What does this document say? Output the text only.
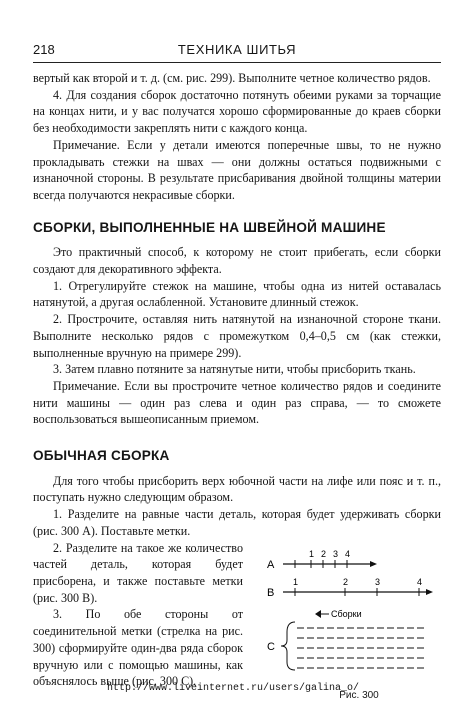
218	ТЕХНИКА ШИТЬЯ

вертый как второй и т. д. (см. рис. 299). Выполните четное количество рядов.

4. Для создания сборок достаточно потянуть обеими руками за торчащие на концах нити, и у вас получатся хорошо сформированные до краев сборки без необходимости закреплять нити с каждого конца.

Примечание. Если у детали имеются поперечные швы, то не нужно прокладывать стежки на швах — они должны остаться подвижными с изнаночной стороны. В результате присбаривания двойной толщины материи всегда получаются некрасивые сборки.

СБОРКИ, ВЫПОЛНЕННЫЕ НА ШВЕЙНОЙ МАШИНЕ

Это практичный способ, к которому не стоит прибегать, если сборки создают для декоративного эффекта.

1. Отрегулируйте стежок на машине, чтобы одна из нитей оставалась натянутой, а другая ослабленной. Установите длинный стежок.

2. Прострочите, оставляя нить натянутой на изнаночной стороне ткани. Выполните несколько рядов с промежутком 0,4–0,5 см (как стежки, выполненные вручную на примере 299).

3. Затем плавно потяните за натянутые нити, чтобы присборить ткань.

Примечание. Если вы прострочите четное количество рядов и соедините нити машины — один раз слева и один раз справа, — то сможете воспользоваться вышеописанным приемом.

ОБЫЧНАЯ СБОРКА

Для того чтобы присборить верх юбочной части на лифе или пояс и т. п., поступать нужно следующим образом.

1. Разделите на равные части деталь, которая будет удерживать сборки (рис. 300 А). Поставьте метки.

2. Разделите на такое же количество частей деталь, которая будет присборена, и также поставьте метки (рис. 300 В).

3. По обе стороны от соединительной метки (стрелка на рис. 300) сформируйте один-два ряда сборок вручную или с помощью машины, как объяснялось выше (рис. 300 С).

A
1 2 3 4
B
1	2	3	4
Сборки
C
Рис. 300
http://www.liveinternet.ru/users/galina_o/
